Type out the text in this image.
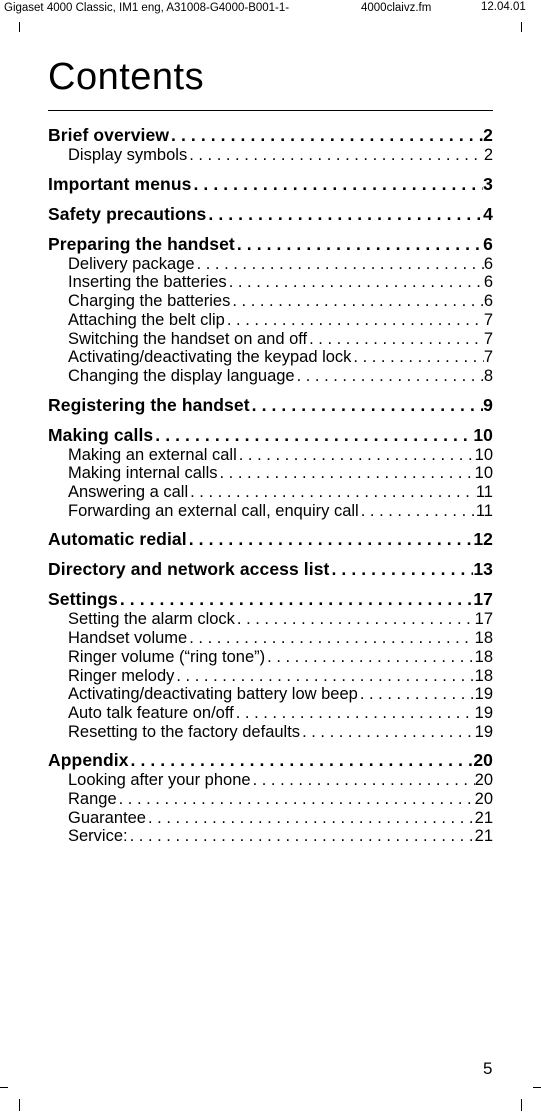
Gigaset 4000 Classic, IM1 eng, A31008-G4000-B001-1-	4000claivz.fm	12.04.01
Contents
Brief overview . . .	2
Display symbols . . .	2
Important menus . . .	3
Safety precautions . . .	4
Preparing the handset . . .	6
Delivery package . . .	6
Inserting the batteries . . .	6
Charging the batteries . . .	6
Attaching the belt clip . . .	7
Switching the handset on and off . . .	7
Activating/deactivating the keypad lock . . .	7
Changing the display language . . .	8
Registering the handset . . .	9
Making calls . . .	10
Making an external call . . .	10
Making internal calls . . .	10
Answering a call . . .	11
Forwarding an external call, enquiry call . . .	11
Automatic redial . . .	12
Directory and network access list . . .	13
Settings . . .	17
Setting the alarm clock . . .	17
Handset volume . . .	18
Ringer volume (“ring tone”) . . .	18
Ringer melody . . .	18
Activating/deactivating battery low beep . . .	19
Auto talk feature on/off . . .	19
Resetting to the factory defaults . . .	19
Appendix . . .	20
Looking after your phone . . .	20
Range . . .	20
Guarantee . . .	21
Service: . . .	21
5
